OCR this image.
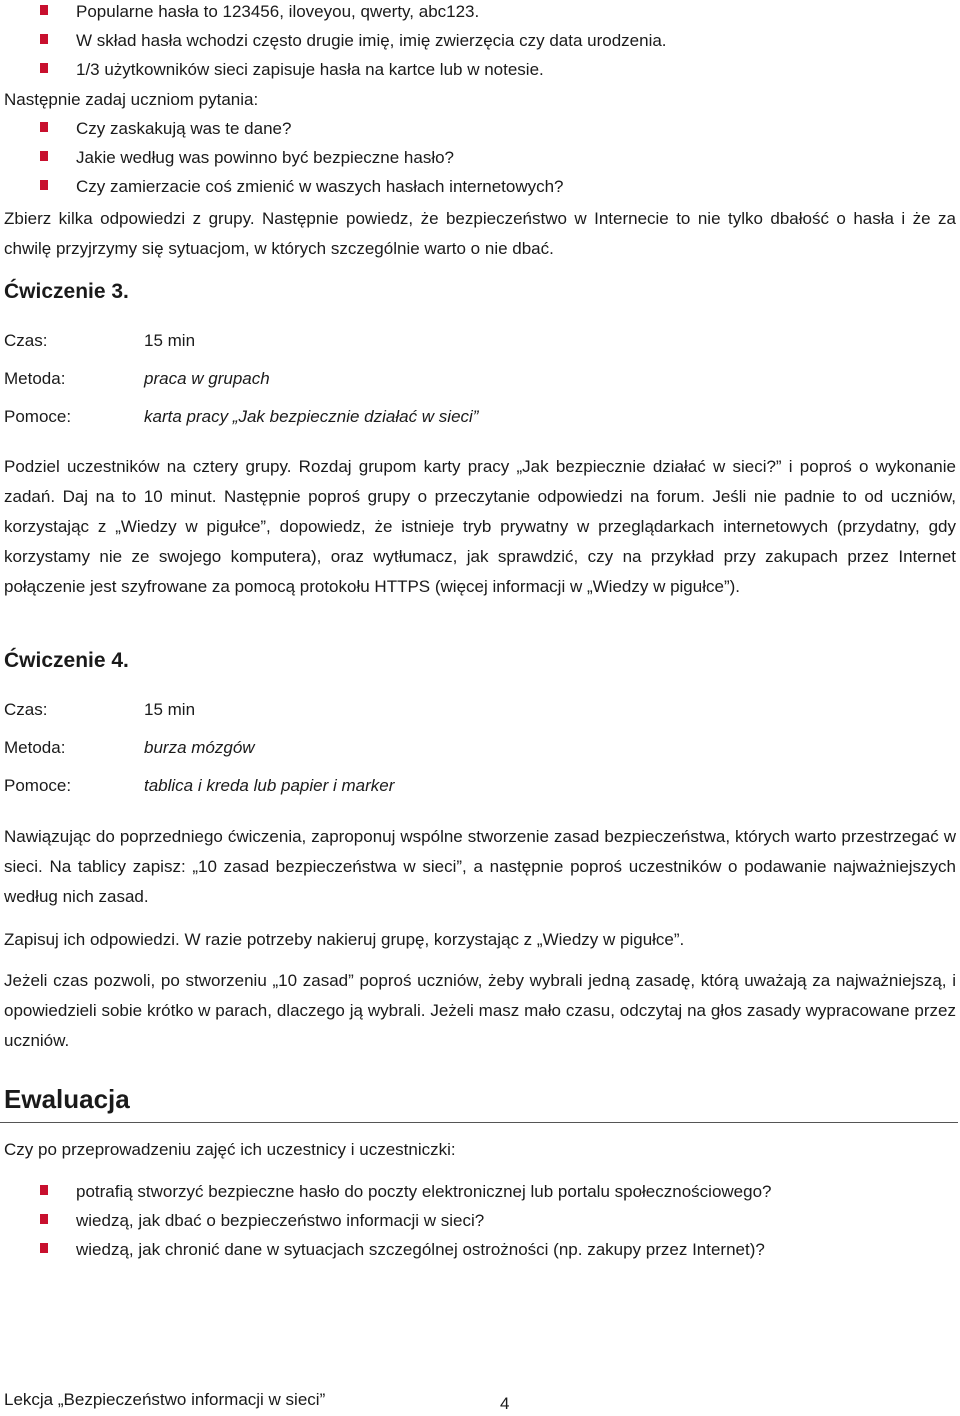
Popularne hasła to 123456, iloveyou, qwerty, abc123.
W skład hasła wchodzi często drugie imię, imię zwierzęcia czy data urodzenia.
1/3 użytkowników sieci zapisuje hasła na kartce lub w notesie.

Następnie zadaj uczniom pytania:

Czy zaskakują was te dane?
Jakie według was powinno być bezpieczne hasło?
Czy zamierzacie coś zmienić w waszych hasłach internetowych?

Zbierz kilka odpowiedzi z grupy. Następnie powiedz, że bezpieczeństwo w Internecie to nie tylko dbałość o hasła i że za chwilę przyjrzymy się sytuacjom, w których szczególnie warto o nie dbać.

Ćwiczenie 3.
Czas:	15 min
Metoda:	praca w grupach
Pomoce:	karta pracy „Jak bezpiecznie działać w sieci”

Podziel uczestników na cztery grupy. Rozdaj grupom karty pracy „Jak bezpiecznie działać w sieci?” i poproś o wykonanie zadań. Daj na to 10 minut. Następnie poproś grupy o przeczytanie odpowiedzi na forum. Jeśli nie padnie to od uczniów, korzystając z „Wiedzy w pigułce”, dopowiedz, że istnieje tryb prywatny w przeglądarkach internetowych (przydatny, gdy korzystamy nie ze swojego komputera), oraz wytłumacz, jak sprawdzić, czy na przykład przy zakupach przez Internet połączenie jest szyfrowane za pomocą protokołu HTTPS (więcej informacji w „Wiedzy w pigułce”).

Ćwiczenie 4.
Czas:	15 min
Metoda:	burza mózgów
Pomoce:	tablica i kreda lub papier i marker

Nawiązując do poprzedniego ćwiczenia, zaproponuj wspólne stworzenie zasad bezpieczeństwa, których warto przestrzegać w sieci. Na tablicy zapisz: „10 zasad bezpieczeństwa w sieci”, a następnie poproś uczestników o podawanie najważniejszych według nich zasad.

Zapisuj ich odpowiedzi. W razie potrzeby nakieruj grupę, korzystając z „Wiedzy w pigułce”.

Jeżeli czas pozwoli, po stworzeniu „10 zasad” poproś uczniów, żeby wybrali jedną zasadę, którą uważają za najważniejszą, i opowiedzieli sobie krótko w parach, dlaczego ją wybrali. Jeżeli masz mało czasu, odczytaj na głos zasady wypracowane przez uczniów.

Ewaluacja

Czy po przeprowadzeniu zajęć ich uczestnicy i uczestniczki:

potrafią stworzyć bezpieczne hasło do poczty elektronicznej lub portalu społecznościowego?
wiedzą, jak dbać o bezpieczeństwo informacji w sieci?
wiedzą, jak chronić dane w sytuacjach szczególnej ostrożności (np. zakupy przez Internet)?
Lekcja „Bezpieczeństwo informacji w sieci”	4
